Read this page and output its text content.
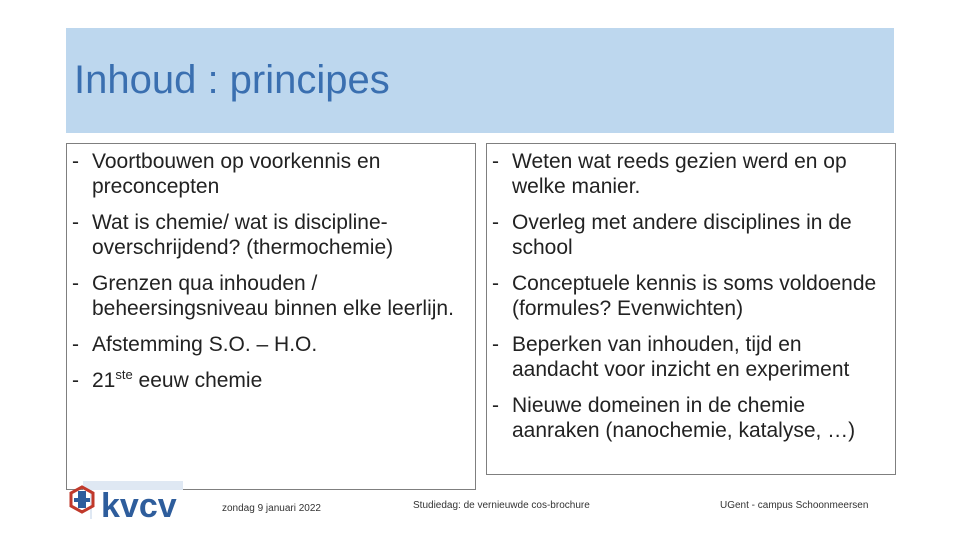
Inhoud : principes
- Voortbouwen op voorkennis en preconcepten
- Wat is chemie/ wat is discipline-overschrijdend? (thermochemie)
- Grenzen qua inhouden / beheersingsniveau binnen elke leerlijn.
- Afstemming S.O. – H.O.
- 21ste eeuw chemie
- Weten wat reeds gezien werd en op welke manier.
- Overleg met andere disciplines in de school
- Conceptuele kennis is soms voldoende (formules? Evenwichten)
- Beperken van inhouden, tijd en aandacht voor inzicht en experiment
- Nieuwe domeinen in de chemie aanraken (nanochemie, katalyse, …)
kvcv	zondag 9 januari 2022	Studiedag: de vernieuwde cos-brochure	UGent - campus Schoonmeersen
